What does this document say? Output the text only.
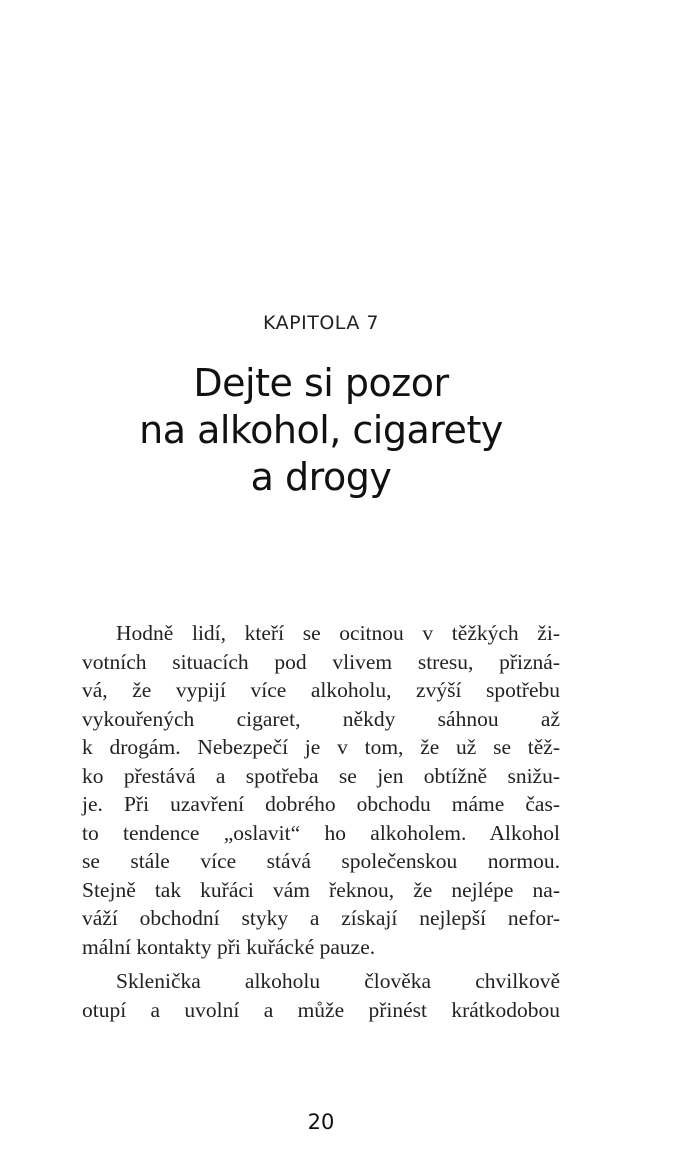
KAPITOLA 7
Dejte si pozor
na alkohol, cigarety
a drogy
Hodně lidí, kteří se ocitnou v těžkých ži-
votních situacích pod vlivem stresu, přizná-
vá, že vypijí více alkoholu, zvýší spotřebu
vykouřených cigaret, někdy sáhnou až
k drogám. Nebezpečí je v tom, že už se těž-
ko přestává a spotřeba se jen obtížně snižu-
je. Při uzavření dobrého obchodu máme čas-
to tendence „oslavit“ ho alkoholem. Alkohol
se stále více stává společenskou normou.
Stejně tak kuřáci vám řeknou, že nejlépe na-
váží obchodní styky a získají nejlepší nefor-
mální kontakty při kuřácké pauze.
Sklenička alkoholu člověka chvilkově
otupí a uvolní a může přinést krátkodobou
20
